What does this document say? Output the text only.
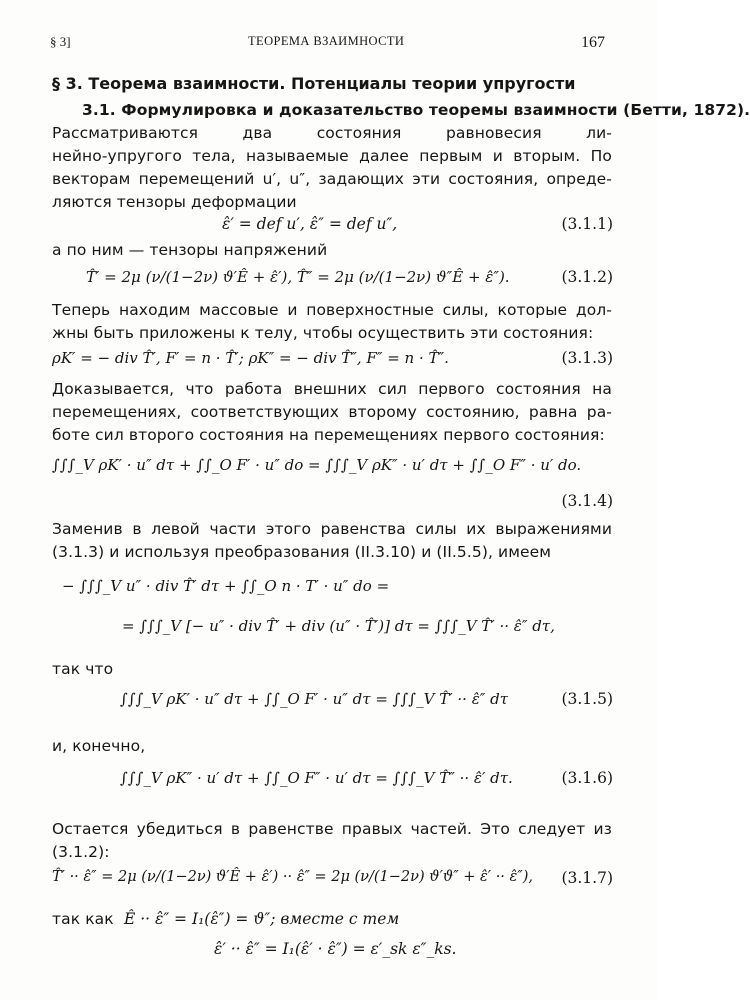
§ 3]	ТЕОРЕМА ВЗАИМНОСТИ	167
§ 3. Теорема взаимности. Потенциалы теории упругости
3.1. Формулировка и доказательство теоремы взаимности (Бетти, 1872).
Рассматриваются два состояния равновесия ли-
нейно-упругого тела, называемые далее первым и вторым. По
векторам перемещений u′, u″, задающих эти состояния, опреде-
ляются тензоры деформации
ε̂′ = def u′, ε̂″ = def u″,	(3.1.1)
а по ним — тензоры напряжений
T̂′ = 2μ (ν/(1−2ν) ϑ′Ê + ε̂′), T̂″ = 2μ (ν/(1−2ν) ϑ″Ê + ε̂″).	(3.1.2)
Теперь находим массовые и поверхностные силы, которые дол-
жны быть приложены к телу, чтобы осуществить эти состояния:
ρK′ = − div T̂′, F′ = n · T̂′; ρK″ = − div T̂″, F″ = n · T̂″.	(3.1.3)
Доказывается, что работа внешних сил первого состояния на
перемещениях, соответствующих второму состоянию, равна ра-
боте сил второго состояния на перемещениях первого состояния:
∫∫∫_V ρK′ · u″ dτ + ∫∫_O F′ · u″ do = ∫∫∫_V ρK″ · u′ dτ + ∫∫_O F″ · u′ do.
(3.1.4)
Заменив в левой части этого равенства силы их выражениями
(3.1.3) и используя преобразования (II.3.10) и (II.5.5), имеем
− ∫∫∫_V u″ · div T̂′ dτ + ∫∫_O n · T′ · u″ do =
= ∫∫∫_V [− u″ · div T̂′ + div (u″ · T̂′)] dτ = ∫∫∫_V T̂′ ·· ε̂″ dτ,
так что
∫∫∫_V ρK′ · u″ dτ + ∫∫_O F′ · u″ dτ = ∫∫∫_V T̂′ ·· ε̂″ dτ	(3.1.5)
и, конечно,
∫∫∫_V ρK″ · u′ dτ + ∫∫_O F″ · u′ dτ = ∫∫∫_V T̂″ ·· ε̂′ dτ.	(3.1.6)
Остается убедиться в равенстве правых частей. Это следует из
(3.1.2):
T̂′ ·· ε̂″ = 2μ (ν/(1−2ν) ϑ′Ê + ε̂′) ·· ε̂″ = 2μ (ν/(1−2ν) ϑ′ϑ″ + ε̂′ ·· ε̂″), (3.1.7)
так как Ê ·· ε̂″ = I₁(ε̂″) = ϑ″; вместе с тем
ε̂′ ·· ε̂″ = I₁(ε̂′ · ε̂″) = ε′_sk ε″_ks.
